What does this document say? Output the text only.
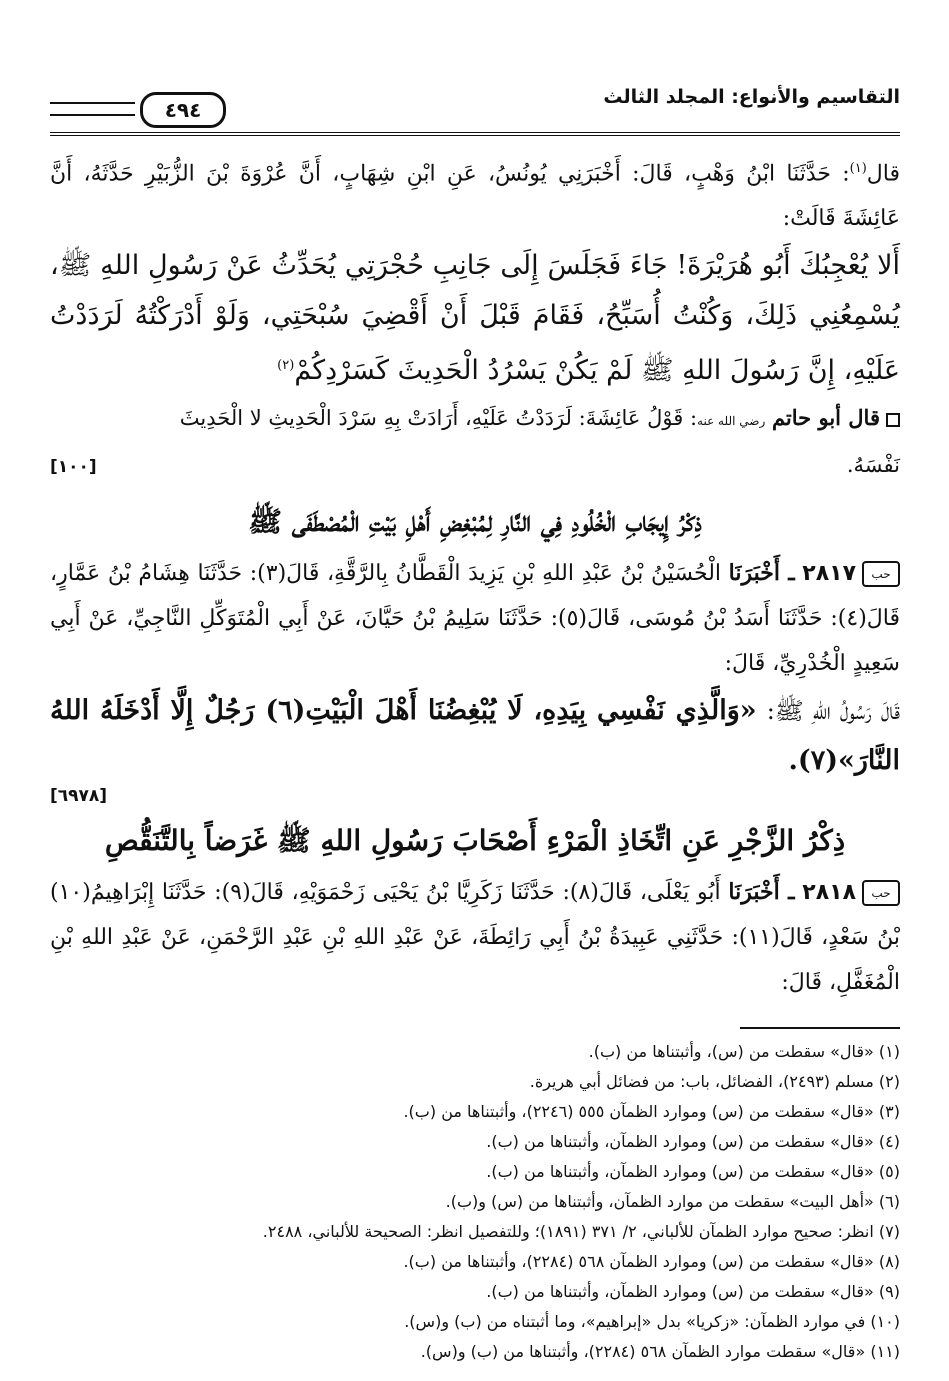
التقاسيم والأنواع: المجلد الثالث
٤٩٤

قال$^{(١)}$: حَدَّثَنَا ابْنُ وَهْبٍ، قَالَ: أَخْبَرَنِي يُونُسُ، عَنِ ابْنِ شِهَابٍ، أَنَّ عُرْوَةَ بْنَ الزُّبَيْرِ حَدَّثَهُ، أَنَّ عَائِشَةَ قَالَتْ:

أَلا يُعْجِبُكَ أَبُو هُرَيْرَةَ! جَاءَ فَجَلَسَ إِلَى جَانِبِ حُجْرَتِي يُحَدِّثُ عَنْ رَسُولِ اللهِ ﷺ، يُسْمِعُنِي ذَلِكَ، وَكُنْتُ أُسَبِّحُ، فَقَامَ قَبْلَ أَنْ أَقْضِيَ سُبْحَتِي، وَلَوْ أَدْرَكْتُهُ لَرَدَدْتُ عَلَيْهِ، إِنَّ رَسُولَ اللهِ ﷺ لَمْ يَكُنْ يَسْرُدُ الْحَدِيثَ كَسَرْدِكُمْ$^{(٢)}$

قال أبو حاتم رضي الله عنه: قَوْلُ عَائِشَةَ: لَرَدَدْتُ عَلَيْهِ، أَرَادَتْ بِهِ سَرْدَ الْحَدِيثِ لا الْحَدِيثَ

نَفْسَهُ.
[١٠٠]
ذِكْرُ إِيجَابِ الْخُلُودِ فِي النَّارِ لِمُبْغِضِ أَهْلِ بَيْتِ الْمُصْطَفَى ﷺ

حب٢٨١٧ ـ أَخْبَرَنَا الْحُسَيْنُ بْنُ عَبْدِ اللهِ بْنِ يَزِيدَ الْقَطَّانُ بِالرَّقَّةِ، قَالَ(٣): حَدَّثَنَا هِشَامُ بْنُ عَمَّارٍ، قَالَ(٤): حَدَّثَنَا أَسَدُ بْنُ مُوسَى، قَالَ(٥): حَدَّثَنَا سَلِيمُ بْنُ حَيَّانَ، عَنْ أَبِي الْمُتَوَكِّلِ النَّاجِيِّ، عَنْ أَبِي سَعِيدٍ الْخُدْرِيِّ، قَالَ:

قَالَ رَسُولُ اللهِ ﷺ: «وَالَّذِي نَفْسِي بِيَدِهِ، لَا يُبْغِضُنَا أَهْلَ الْبَيْتِ(٦) رَجُلٌ إِلَّا أَدْخَلَهُ اللهُ النَّارَ»(٧).

[٦٩٧٨]
ذِكْرُ الزَّجْرِ عَنِ اتِّخَاذِ الْمَرْءِ أَصْحَابَ رَسُولِ اللهِ ﷺ غَرَضاً بِالتَّنَقُّصِ

حب٢٨١٨ ـ أَخْبَرَنَا أَبُو يَعْلَى، قَالَ(٨): حَدَّثَنَا زَكَرِيَّا بْنُ يَحْيَى زَحْمَوَيْهِ، قَالَ(٩): حَدَّثَنَا إِبْرَاهِيمُ(١٠) بْنُ سَعْدٍ، قَالَ(١١): حَدَّثَنِي عَبِيدَةُ بْنُ أَبِي رَائِطَةَ، عَنْ عَبْدِ اللهِ بْنِ عَبْدِ الرَّحْمَنِ، عَنْ عَبْدِ اللهِ بْنِ الْمُغَفَّلِ، قَالَ:

(١) «قال» سقطت من (س)، وأثبتناها من (ب).

(٢) مسلم (٢٤٩٣)، الفضائل، باب: من فضائل أبي هريرة.

(٣) «قال» سقطت من (س) وموارد الظمآن ٥٥٥ (٢٢٤٦)، وأثبتناها من (ب).

(٤) «قال» سقطت من (س) وموارد الظمآن، وأثبتناها من (ب).

(٥) «قال» سقطت من (س) وموارد الظمآن، وأثبتناها من (ب).

(٦) «أهل البيت» سقطت من موارد الظمآن، وأثبتناها من (س) و(ب).

(٧) انظر: صحيح موارد الظمآن للألباني، ٢/ ٣٧١ (١٨٩١)؛ وللتفصيل انظر: الصحيحة للألباني، ٢٤٨٨.

(٨) «قال» سقطت من (س) وموارد الظمآن ٥٦٨ (٢٢٨٤)، وأثبتناها من (ب).

(٩) «قال» سقطت من (س) وموارد الظمآن، وأثبتناها من (ب).

(١٠) في موارد الظمآن: «زكريا» بدل «إبراهيم»، وما أثبتناه من (ب) و(س).

(١١) «قال» سقطت موارد الظمآن ٥٦٨ (٢٢٨٤)، وأثبتناها من (ب) و(س).
